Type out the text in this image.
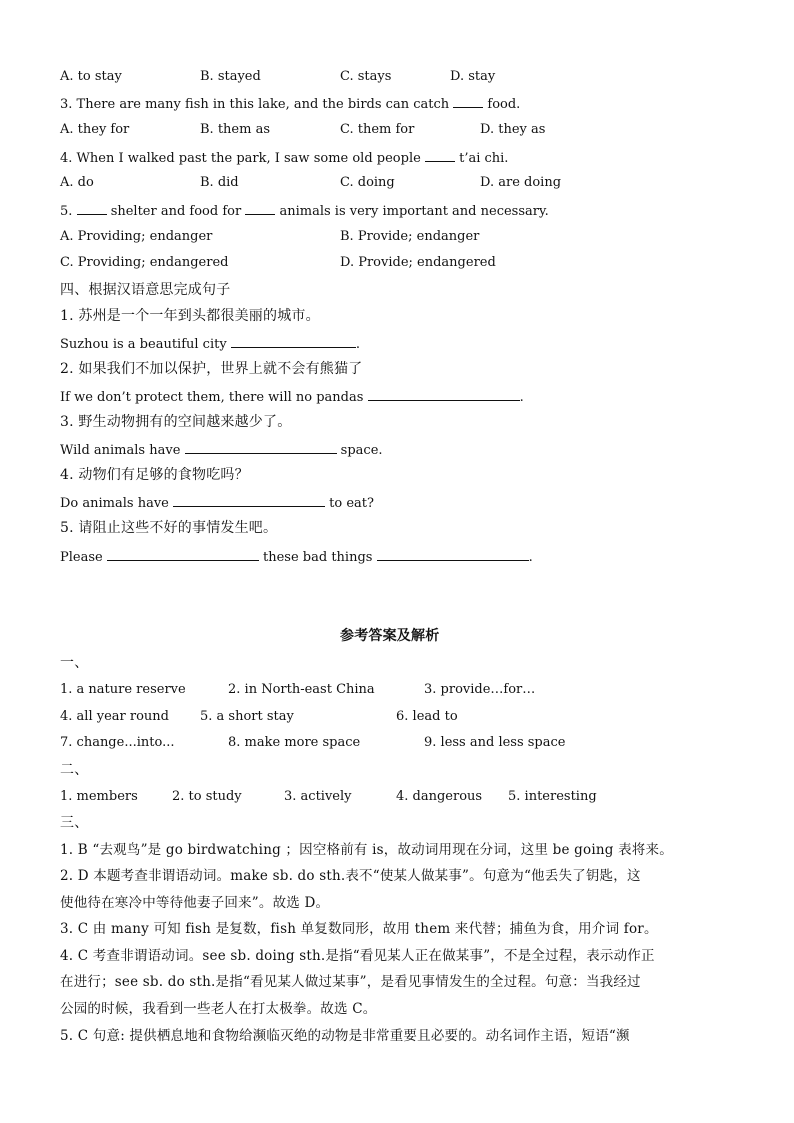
A. to stay	B. stayed	C. stays	D. stay
3. There are many fish in this lake, and the birds can catch	food.
A. they for	B. them as	C. them for	D. they as
4. When I walked past the park, I saw some old people	t’ai chi.
A. do	B. did	C. doing	D. are doing
5.	shelter and food for	animals is very important and necessary.
A. Providing; endanger	B. Provide; endanger
C. Providing; endangered	D. Provide; endangered
四、根据汉语意思完成句子
1. 苏州是一个一年到头都很美丽的城市。
Suzhou is a beautiful city	.
2. 如果我们不加以保护，世界上就不会有熊猫了
If we don’t protect them, there will no pandas	.
3. 野生动物拥有的空间越来越少了。
Wild animals have	space.
4. 动物们有足够的食物吃吗？
Do animals have	to eat?
5. 请阻止这些不好的事情发生吧。
Please	these bad things	.
参考答案及解析
一、
1. a nature reserve	2. in North-east China	3. provide…for…
4. all year round 5. a short stay	6. lead to
7. change...into...	8. make more space	9. less and less space
二、
1. members	2. to study	3. actively	4. dangerous 5. interesting
三、
1. B “去观鸟”是 go birdwatching ；因空格前有 is，故动词用现在分词，这里 be going 表将来。
2. D 本题考查非谓语动词。make sb. do sth.表不“使某人做某事”。句意为“他丢失了钥匙，这
使他待在寒冷中等待他妻子回来”。故选 D。
3. C 由 many 可知 fish 是复数，fish 单复数同形，故用 them 来代替；捕鱼为食，用介词 for。
4. C 考查非谓语动词。see sb. doing sth.是指“看见某人正在做某事”，不是全过程，表示动作正
在进行；see sb. do sth.是指“看见某人做过某事”，是看见事情发生的全过程。句意：当我经过
公园的时候，我看到一些老人在打太极拳。故选 C。
5. C 句意: 提供栖息地和食物给濒临灭绝的动物是非常重要且必要的。动名词作主语，短语“濒
